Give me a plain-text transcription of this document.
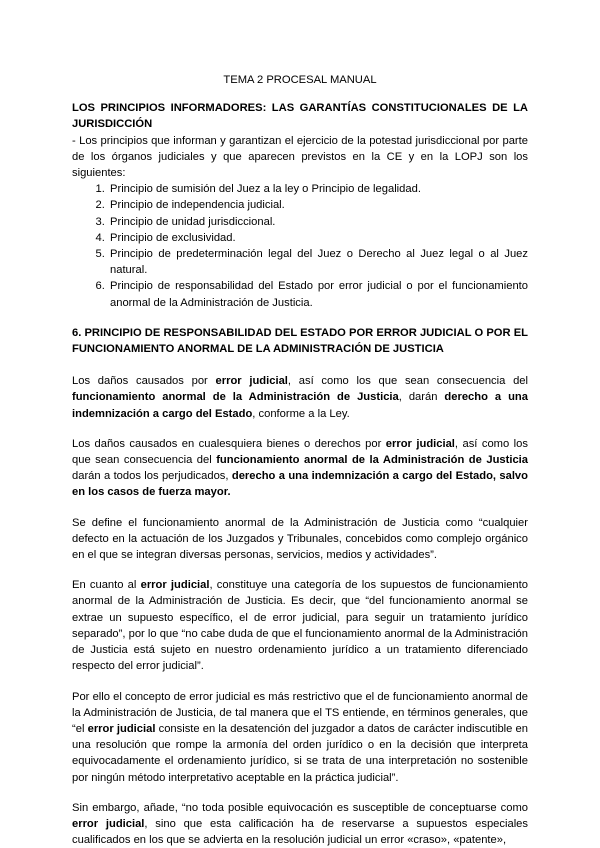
TEMA 2 PROCESAL MANUAL
LOS PRINCIPIOS INFORMADORES: LAS GARANTÍAS CONSTITUCIONALES DE LA JURISDICCIÓN

- Los principios que informan y garantizan el ejercicio de la potestad jurisdiccional por parte de los órganos judiciales y que aparecen previstos en la CE y en la LOPJ son los siguientes:

1. Principio de sumisión del Juez a la ley o Principio de legalidad.
2. Principio de independencia judicial.
3. Principio de unidad jurisdiccional.
4. Principio de exclusividad.
5. Principio de predeterminación legal del Juez o Derecho al Juez legal o al Juez natural.
6. Principio de responsabilidad del Estado por error judicial o por el funcionamiento anormal de la Administración de Justicia.
6. PRINCIPIO DE RESPONSABILIDAD DEL ESTADO POR ERROR JUDICIAL O POR EL FUNCIONAMIENTO ANORMAL DE LA ADMINISTRACIÓN DE JUSTICIA

Los daños causados por error judicial, así como los que sean consecuencia del funcionamiento anormal de la Administración de Justicia, darán derecho a una indemnización a cargo del Estado, conforme a la Ley.

Los daños causados en cualesquiera bienes o derechos por error judicial, así como los que sean consecuencia del funcionamiento anormal de la Administración de Justicia darán a todos los perjudicados, derecho a una indemnización a cargo del Estado, salvo en los casos de fuerza mayor.

Se define el funcionamiento anormal de la Administración de Justicia como “cualquier defecto en la actuación de los Juzgados y Tribunales, concebidos como complejo orgánico en el que se integran diversas personas, servicios, medios y actividades”.

En cuanto al error judicial, constituye una categoría de los supuestos de funcionamiento anormal de la Administración de Justicia. Es decir, que “del funcionamiento anormal se extrae un supuesto específico, el de error judicial, para seguir un tratamiento jurídico separado”, por lo que “no cabe duda de que el funcionamiento anormal de la Administración de Justicia está sujeto en nuestro ordenamiento jurídico a un tratamiento diferenciado respecto del error judicial”.

Por ello el concepto de error judicial es más restrictivo que el de funcionamiento anormal de la Administración de Justicia, de tal manera que el TS entiende, en términos generales, que “el error judicial consiste en la desatención del juzgador a datos de carácter indiscutible en una resolución que rompe la armonía del orden jurídico o en la decisión que interpreta equivocadamente el ordenamiento jurídico, si se trata de una interpretación no sostenible por ningún método interpretativo aceptable en la práctica judicial”.

Sin embargo, añade, “no toda posible equivocación es susceptible de conceptuarse como error judicial, sino que esta calificación ha de reservarse a supuestos especiales cualificados en los que se advierta en la resolución judicial un error «craso», «patente»,
